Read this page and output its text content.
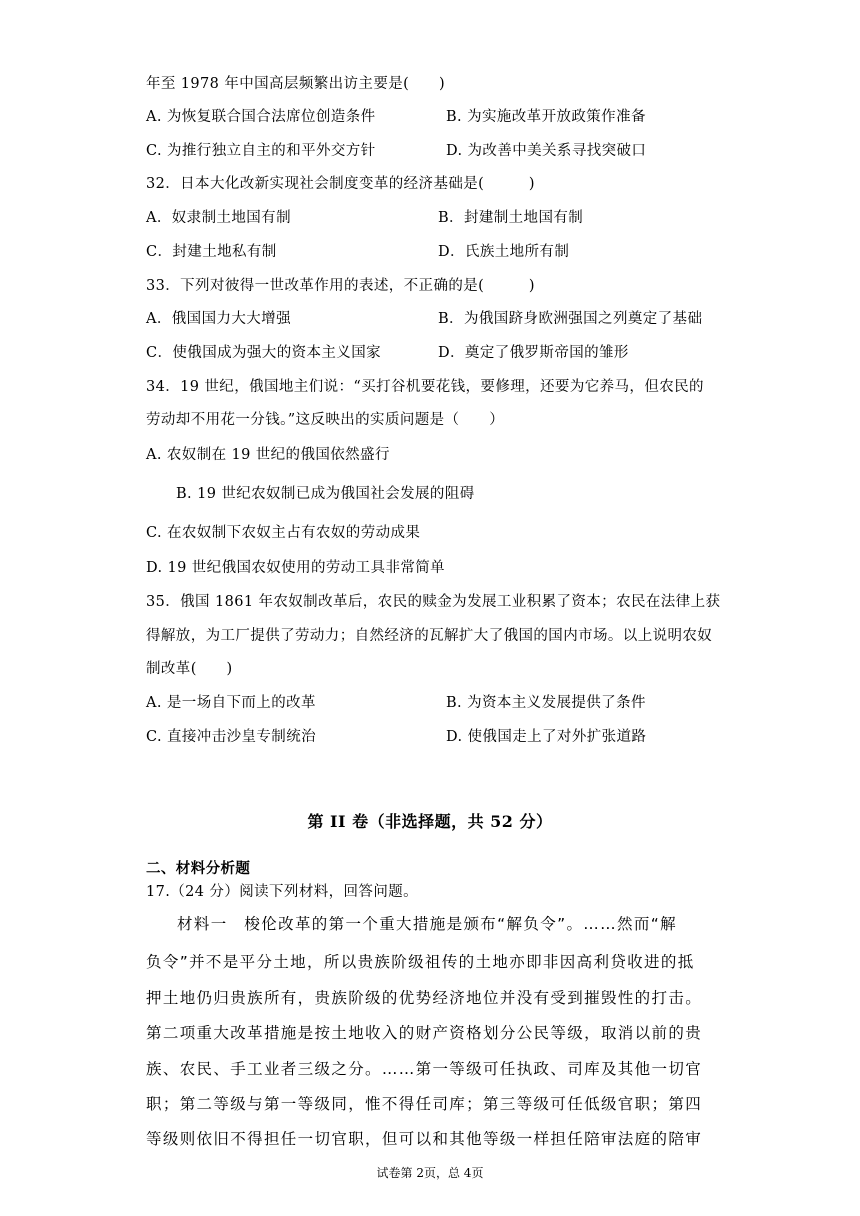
年至 1978 年中国高层频繁出访主要是(　　)
A. 为恢复联合国合法席位创造条件	B. 为实施改革开放政策作准备
C. 为推行独立自主的和平外交方针	D. 为改善中美关系寻找突破口
32．日本大化改新实现社会制度变革的经济基础是(　　　)
A．奴隶制土地国有制	B．封建制土地国有制
C．封建土地私有制	D．氏族土地所有制
33．下列对彼得一世改革作用的表述，不正确的是(　　　)
A．俄国国力大大增强	B．为俄国跻身欧洲强国之列奠定了基础
C．使俄国成为强大的资本主义国家	D．奠定了俄罗斯帝国的雏形
34．19 世纪，俄国地主们说：“买打谷机要花钱，要修理，还要为它养马，但农民的
劳动却不用花一分钱。”这反映出的实质问题是（　　）
A. 农奴制在 19 世纪的俄国依然盛行
B. 19 世纪农奴制已成为俄国社会发展的阻碍
C. 在农奴制下农奴主占有农奴的劳动成果
D. 19 世纪俄国农奴使用的劳动工具非常简单
35．俄国 1861 年农奴制改革后，农民的赎金为发展工业积累了资本；农民在法律上获
得解放，为工厂提供了劳动力；自然经济的瓦解扩大了俄国的国内市场。以上说明农奴
制改革(　　)
A. 是一场自下而上的改革	B. 为资本主义发展提供了条件
C. 直接冲击沙皇专制统治	D. 使俄国走上了对外扩张道路
第 II 卷（非选择题，共 52 分）
二、材料分析题
17.（24 分）阅读下列材料，回答问题。
材料一　梭伦改革的第一个重大措施是颁布“解负令”。……然而“解
负令”并不是平分土地，所以贵族阶级祖传的土地亦即非因高利贷收进的抵
押土地仍归贵族所有，贵族阶级的优势经济地位并没有受到摧毁性的打击。
第二项重大改革措施是按土地收入的财产资格划分公民等级，取消以前的贵
族、农民、手工业者三级之分。……第一等级可任执政、司库及其他一切官
职；第二等级与第一等级同，惟不得任司库；第三等级可任低级官职；第四
等级则依旧不得担任一切官职，但可以和其他等级一样担任陪审法庭的陪审
试卷第 2页，总 4页
